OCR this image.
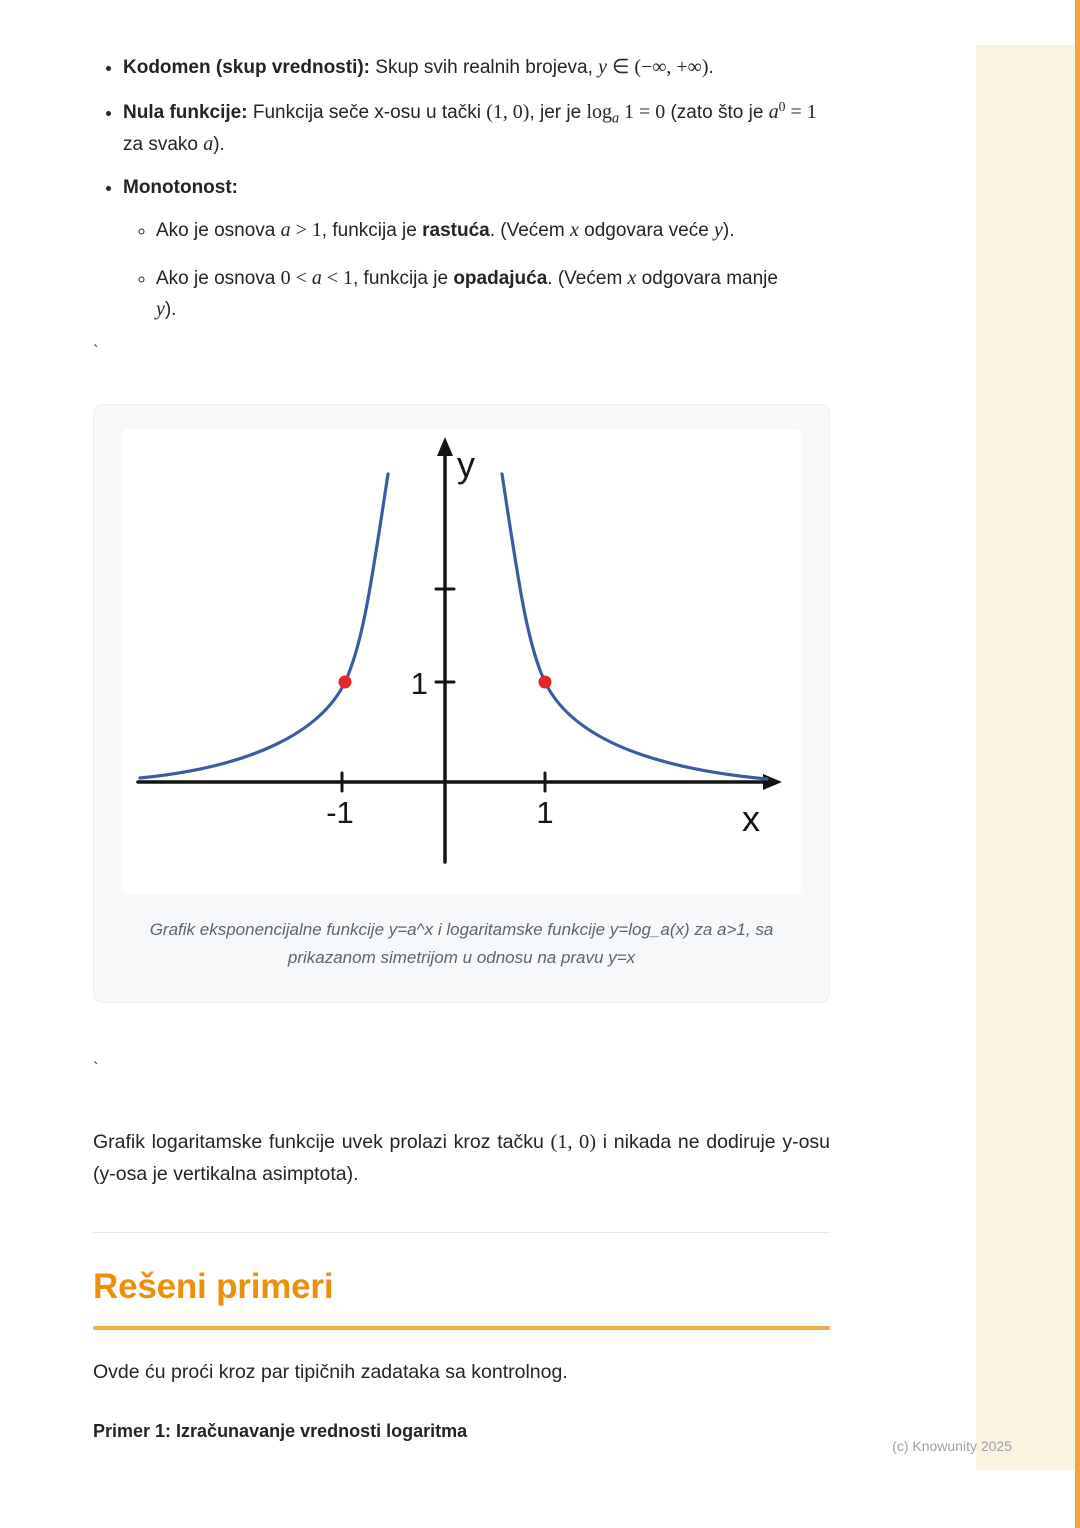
• Kodomen (skup vrednosti): Skup svih realnih brojeva, y ∈ (−∞, +∞).
• Nula funkcije: Funkcija seče x-osu u tački (1, 0), jer je $\log_a 1 = 0$ (zato što je $a^0 = 1$ za svako a).
• Monotonost:
◦ Ako je osnova a > 1, funkcija je rastuća. (Većem x odgovara veće y).
◦ Ako je osnova 0 < a < 1, funkcija je opadajuća. (Većem x odgovara manje y).
`
y
x
1
-1	1
Grafik eksponencijalne funkcije y=a^x i logaritamske funkcije y=log_a(x) za a>1, sa prikazanom simetrijom u odnosu na pravu y=x
`

Grafik logaritamske funkcije uvek prolazi kroz tačku (1, 0) i nikada ne dodiruje y-osu (y-osa je vertikalna asimptota).

Rešeni primeri

Ovde ću proći kroz par tipičnih zadataka sa kontrolnog.

Primer 1: Izračunavanje vrednosti logaritma

(c) Knowunity 2025
